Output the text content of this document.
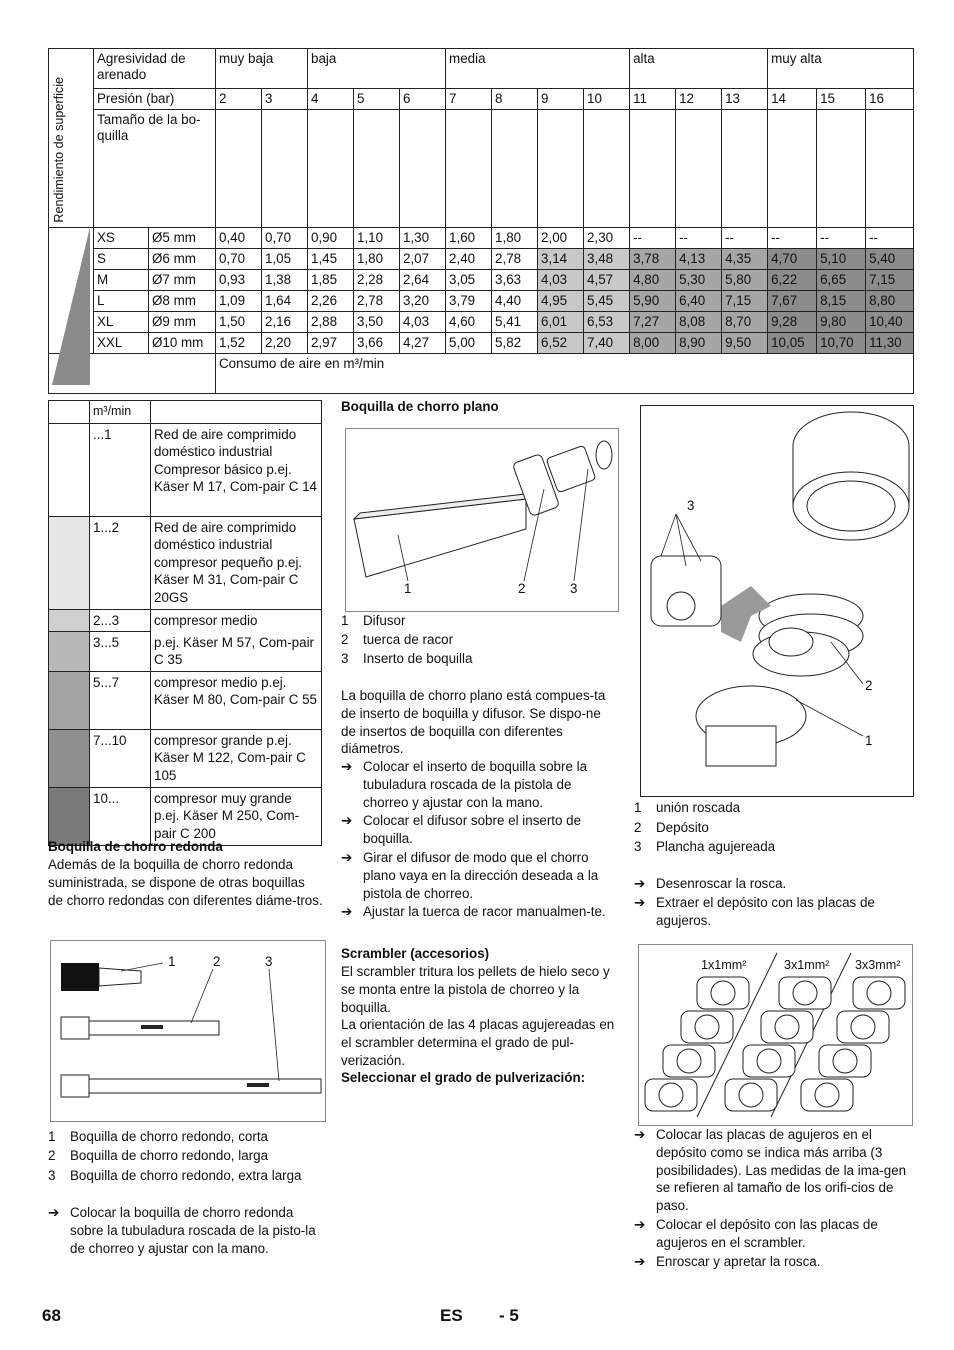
Rendimiento de superficie	Agresividad de arenado		muy baja		baja			media				alta			muy alta		
	Presión (bar)		2	3	4	5	6	7	8	9	10	11	12	13	14	15	16
	Tamaño de la bo-quilla																
	XS	Ø5 mm	0,40	0,70	0,90	1,10	1,30	1,60	1,80	2,00	2,30	--	--	--	--	--	--
	S	Ø6 mm	0,70	1,05	1,45	1,80	2,07	2,40	2,78	3,14	3,48	3,78	4,13	4,35	4,70	5,10	5,40
	M	Ø7 mm	0,93	1,38	1,85	2,28	2,64	3,05	3,63	4,03	4,57	4,80	5,30	5,80	6,22	6,65	7,15
	L	Ø8 mm	1,09	1,64	2,26	2,78	3,20	3,79	4,40	4,95	5,45	5,90	6,40	7,15	7,67	8,15	8,80
	XL	Ø9 mm	1,50	2,16	2,88	3,50	4,03	4,60	5,41	6,01	6,53	7,27	8,08	8,70	9,28	9,80	10,40
	XXL	Ø10 mm	1,52	2,20	2,97	3,66	4,27	5,00	5,82	6,52	7,40	8,00	8,90	9,50	10,05	10,70	11,30
			Consumo de aire en m³/min														
	m³/min	
	...1	Red de aire comprimido doméstico industrial Compresor básico p.ej. Käser M 17, Com-pair C 14
	1...2	Red de aire comprimido doméstico industrial compresor pequeño p.ej. Käser M 31, Com-pair C 20GS
	2...3	compresor medio
	3...5	p.ej. Käser M 57, Com-pair C 35
	5...7	compresor medio p.ej. Käser M 80, Com-pair C 55
	7...10	compresor grande p.ej. Käser M 122, Com-pair C 105
	10...	compresor muy grande p.ej. Käser M 250, Com-pair C 200
Boquilla de chorro redonda
Además de la boquilla de chorro redonda suministrada, se dispone de otras boquillas de chorro redondas con diferentes diáme-tros.
1	2	3
1 Boquilla de chorro redondo, corta
2 Boquilla de chorro redondo, larga
3 Boquilla de chorro redondo, extra larga
➔ Colocar la boquilla de chorro redonda sobre la tubuladura roscada de la pisto-la de chorreo y ajustar con la mano.
Boquilla de chorro plano
1	2	3
1 Difusor
2 tuerca de racor
3 Inserto de boquilla
La boquilla de chorro plano está compues-ta de inserto de boquilla y difusor. Se dispo-ne de insertos de boquilla con diferentes diámetros.
➔ Colocar el inserto de boquilla sobre la tubuladura roscada de la pistola de chorreo y ajustar con la mano.
➔ Colocar el difusor sobre el inserto de boquilla.
➔ Girar el difusor de modo que el chorro plano vaya en la dirección deseada a la pistola de chorreo.
➔ Ajustar la tuerca de racor manualmen-te.
Scrambler (accesorios)
El scrambler tritura los pellets de hielo seco y se monta entre la pistola de chorreo y la boquilla.
La orientación de las 4 placas agujereadas en el scrambler determina el grado de pul-verización.
Seleccionar el grado de pulverización:
3
2
1
1 unión roscada
2 Depósito
3 Plancha agujereada
➔ Desenroscar la rosca.
➔ Extraer el depósito con las placas de agujeros.
1x1mm²	3x1mm² 3x3mm²
➔ Colocar las placas de agujeros en el depósito como se indica más arriba (3 posibilidades). Las medidas de la ima-gen se refieren al tamaño de los orifi-cios de paso.
➔ Colocar el depósito con las placas de agujeros en el scrambler.
➔ Enroscar y apretar la rosca.
68	ES - 5
